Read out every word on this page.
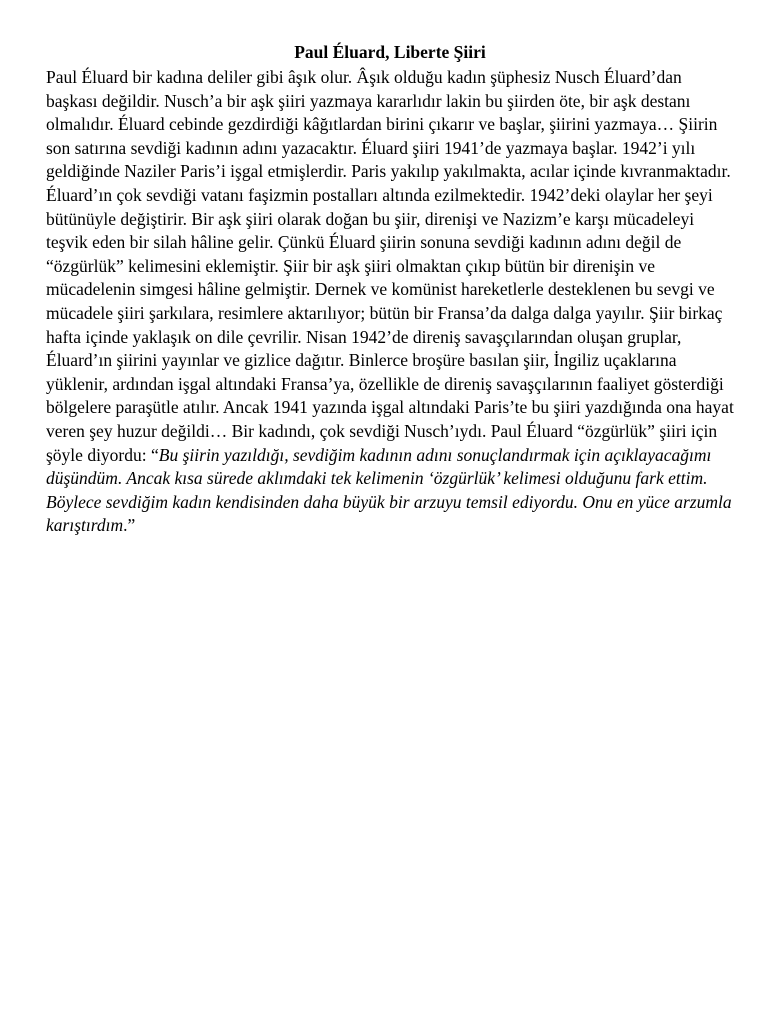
Paul Éluard, Liberte Şiiri

Paul Éluard bir kadına deliler gibi âşık olur. Âşık olduğu kadın şüphesiz Nusch Éluard’dan başkası değildir. Nusch’a bir aşk şiiri yazmaya kararlıdır lakin bu şiirden öte, bir aşk destanı olmalıdır. Éluard cebinde gezdirdiği kâğıtlardan birini çıkarır ve başlar, şiirini yazmaya… Şiirin son satırına sevdiği kadının adını yazacaktır. Éluard şiiri 1941’de yazmaya başlar. 1942’i yılı geldiğinde Naziler Paris’i işgal etmişlerdir. Paris yakılıp yakılmakta, acılar içinde kıvranmaktadır. Éluard’ın çok sevdiği vatanı faşizmin postalları altında ezilmektedir. 1942’deki olaylar her şeyi bütünüyle değiştirir. Bir aşk şiiri olarak doğan bu şiir, direnişi ve Nazizm’e karşı mücadeleyi teşvik eden bir silah hâline gelir. Çünkü Éluard şiirin sonuna sevdiği kadının adını değil de “özgürlük” kelimesini eklemiştir. Şiir bir aşk şiiri olmaktan çıkıp bütün bir direnişin ve mücadelenin simgesi hâline gelmiştir. Dernek ve komünist hareketlerle desteklenen bu sevgi ve mücadele şiiri şarkılara, resimlere aktarılıyor; bütün bir Fransa’da dalga dalga yayılır. Şiir birkaç hafta içinde yaklaşık on dile çevrilir. Nisan 1942’de direniş savaşçılarından oluşan gruplar, Éluard’ın şiirini yayınlar ve gizlice dağıtır. Binlerce broşüre basılan şiir, İngiliz uçaklarına yüklenir, ardından işgal altındaki Fransa’ya, özellikle de direniş savaşçılarının faaliyet gösterdiği bölgelere paraşütle atılır. Ancak 1941 yazında işgal altındaki Paris’te bu şiiri yazdığında ona hayat veren şey huzur değildi… Bir kadındı, çok sevdiği Nusch’ıydı. Paul Éluard “özgürlük” şiiri için şöyle diyordu: “Bu şiirin yazıldığı, sevdiğim kadının adını sonuçlandırmak için açıklayacağımı düşündüm. Ancak kısa sürede aklımdaki tek kelimenin ‘özgürlük’ kelimesi olduğunu fark ettim. Böylece sevdiğim kadın kendisinden daha büyük bir arzuyu temsil ediyordu. Onu en yüce arzumla karıştırdım.”
